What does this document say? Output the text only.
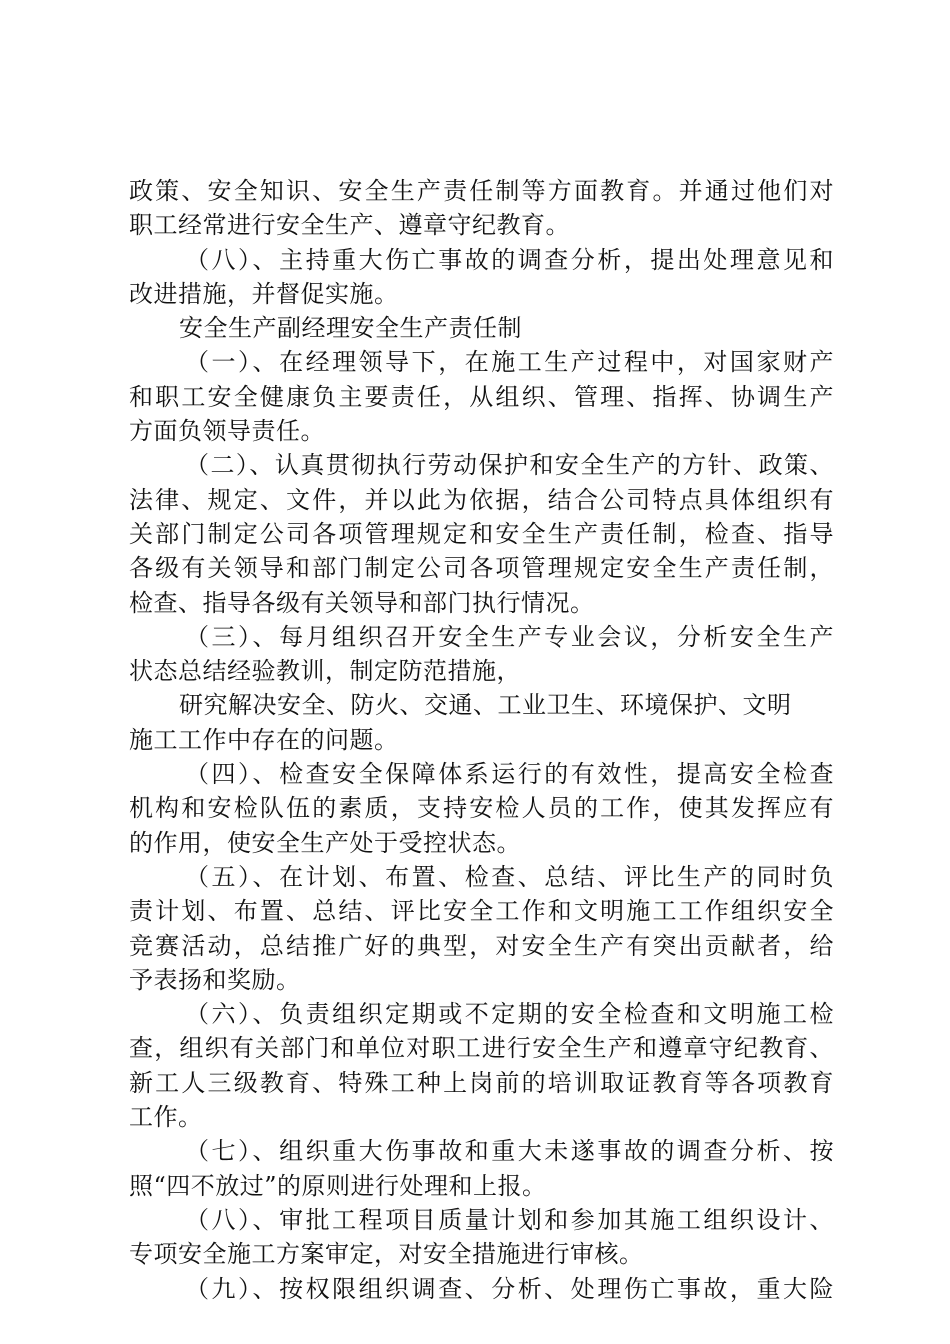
政策、安全知识、安全生产责任制等方面教育。并通过他们对
职工经常进行安全生产、遵章守纪教育。
（八）、主持重大伤亡事故的调查分析，提出处理意见和
改进措施，并督促实施。
安全生产副经理安全生产责任制
（一）、在经理领导下，在施工生产过程中，对国家财产
和职工安全健康负主要责任，从组织、管理、指挥、协调生产
方面负领导责任。
（二）、认真贯彻执行劳动保护和安全生产的方针、政策、
法律、规定、文件，并以此为依据，结合公司特点具体组织有
关部门制定公司各项管理规定和安全生产责任制，检查、指导
各级有关领导和部门制定公司各项管理规定安全生产责任制，
检查、指导各级有关领导和部门执行情况。
（三）、每月组织召开安全生产专业会议，分析安全生产
状态总结经验教训，制定防范措施，
研究解决安全、防火、交通、工业卫生、环境保护、文明
施工工作中存在的问题。
（四）、检查安全保障体系运行的有效性，提高安全检查
机构和安检队伍的素质，支持安检人员的工作，使其发挥应有
的作用，使安全生产处于受控状态。
（五）、在计划、布置、检查、总结、评比生产的同时负
责计划、布置、总结、评比安全工作和文明施工工作组织安全
竞赛活动，总结推广好的典型，对安全生产有突出贡献者，给
予表扬和奖励。
（六）、负责组织定期或不定期的安全检查和文明施工检
查，组织有关部门和单位对职工进行安全生产和遵章守纪教育、
新工人三级教育、特殊工种上岗前的培训取证教育等各项教育
工作。
（七）、组织重大伤事故和重大未遂事故的调查分析、按
照“四不放过”的原则进行处理和上报。
（八）、审批工程项目质量计划和参加其施工组织设计、
专项安全施工方案审定，对安全措施进行审核。
（九）、按权限组织调查、分析、处理伤亡事故，重大险
